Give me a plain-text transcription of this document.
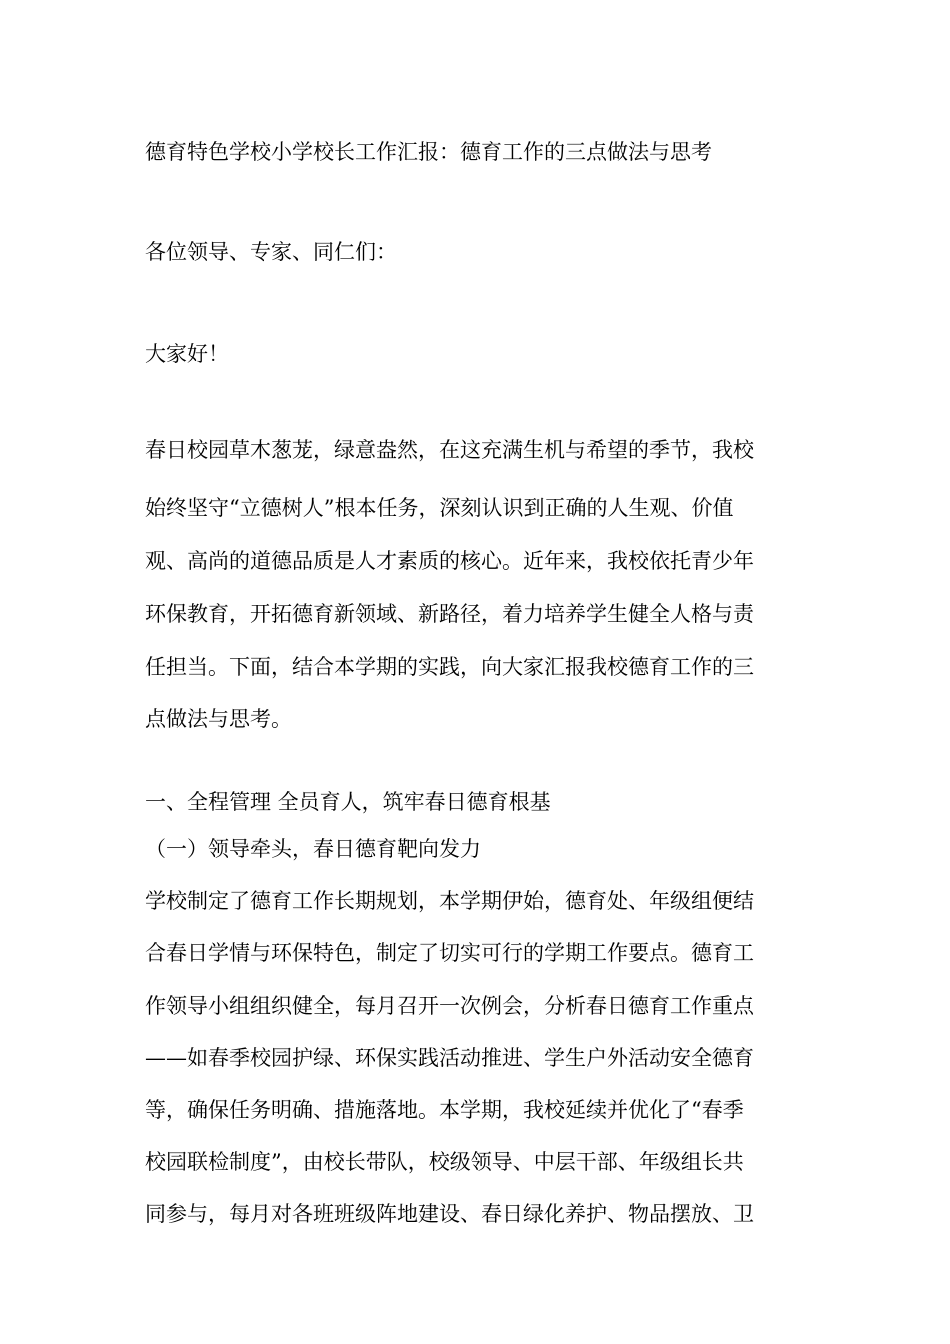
德育特色学校小学校长工作汇报：德育工作的三点做法与思考
各位领导、专家、同仁们：
大家好！
春日校园草木葱茏，绿意盎然，在这充满生机与希望的季节，我校
始终坚守“立德树人”根本任务，深刻认识到正确的人生观、价值
观、高尚的道德品质是人才素质的核心。近年来，我校依托青少年
环保教育，开拓德育新领域、新路径，着力培养学生健全人格与责
任担当。下面，结合本学期的实践，向大家汇报我校德育工作的三
点做法与思考。
一、全程管理 全员育人，筑牢春日德育根基
（一）领导牵头，春日德育靶向发力
学校制定了德育工作长期规划，本学期伊始，德育处、年级组便结
合春日学情与环保特色，制定了切实可行的学期工作要点。德育工
作领导小组组织健全，每月召开一次例会，分析春日德育工作重点
——如春季校园护绿、环保实践活动推进、学生户外活动安全德育
等，确保任务明确、措施落地。本学期，我校延续并优化了“春季
校园联检制度”，由校长带队，校级领导、中层干部、年级组长共
同参与，每月对各班班级阵地建设、春日绿化养护、物品摆放、卫
